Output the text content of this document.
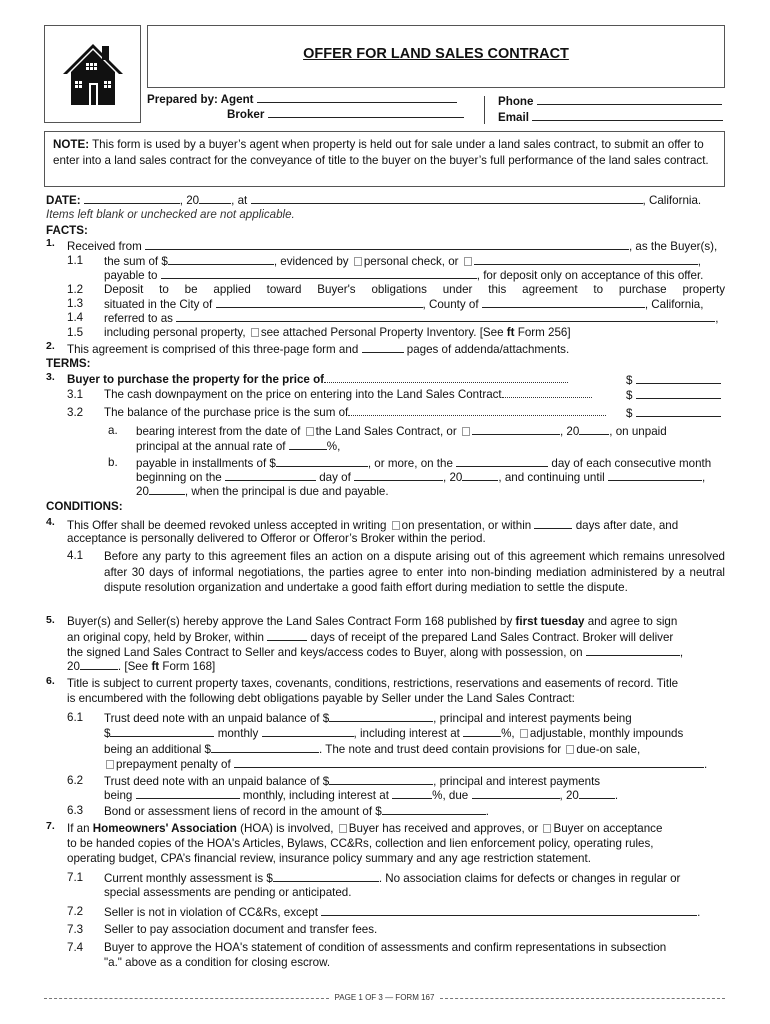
OFFER FOR LAND SALES CONTRACT
Prepared by: Agent
Broker
Phone
Email
NOTE: This form is used by a buyer’s agent when property is held out for sale under a land sales contract, to submit an offer to enter into a land sales contract for the conveyance of title to the buyer on the buyer’s full performance of the land sales contract.
DATE:	, 20	, at	, California.
Items left blank or unchecked are not applicable.
FACTS:
1. Received from	, as the Buyer(s),
1.1 the sum of $	, evidenced by personal check, or	,
payable to	, for deposit only on acceptance of this offer.
1.2 Deposit to be applied toward Buyer's obligations under this agreement to purchase property
1.3 situated in the City of	, County of	, California,
1.4 referred to as	,
1.5 including personal property, see attached Personal Property Inventory. [See ft Form 256]
2. This agreement is comprised of this three-page form and	pages of addenda/attachments.
TERMS:
3. Buyer to purchase the property for the price of	$
3.1 The cash downpayment on the price on entering into the Land Sales Contract	$
3.2 The balance of the purchase price is the sum of	$
a. bearing interest from the date of the Land Sales Contract, or	, 20	, on unpaid
principal at the annual rate of	%,
b. payable in installments of $	, or more, on the	day of each consecutive month
beginning on the	day of	, 20	, and continuing until	,
20	, when the principal is due and payable.
CONDITIONS:
4. This Offer shall be deemed revoked unless accepted in writing on presentation, or within	days after date, and
acceptance is personally delivered to Offeror or Offeror’s Broker within the period.
4.1 Before any party to this agreement files an action on a dispute arising out of this agreement which remains unresolved after 30 days of informal negotiations, the parties agree to enter into non-binding mediation administered by a neutral dispute resolution organization and undertake a good faith effort during mediation to settle the dispute.
5. Buyer(s) and Seller(s) hereby approve the Land Sales Contract Form 168 published by first tuesday and agree to sign
an original copy, held by Broker, within	days of receipt of the prepared Land Sales Contract. Broker will deliver
the signed Land Sales Contract to Seller and keys/access codes to Buyer, along with possession, on	,
20	. [See ft Form 168]
6. Title is subject to current property taxes, covenants, conditions, restrictions, reservations and easements of record. Title
is encumbered with the following debt obligations payable by Seller under the Land Sales Contract:
6.1 Trust deed note with an unpaid balance of $	, principal and interest payments being
$	monthly	, including interest at	%, adjustable, monthly impounds
being an additional $	. The note and trust deed contain provisions for due-on sale,
prepayment penalty of	.
6.2 Trust deed note with an unpaid balance of $	, principal and interest payments
being	monthly, including interest at	%, due	, 20	.
6.3 Bond or assessment liens of record in the amount of $	.
7. If an Homeowners' Association (HOA) is involved, Buyer has received and approves, or Buyer on acceptance
to be handed copies of the HOA's Articles, Bylaws, CC&Rs, collection and lien enforcement policy, operating rules,
operating budget, CPA’s financial review, insurance policy summary and any age restriction statement.
7.1 Current monthly assessment is $	. No association claims for defects or changes in regular or
special assessments are pending or anticipated.
7.2 Seller is not in violation of CC&Rs, except	.
7.3 Seller to pay association document and transfer fees.
7.4 Buyer to approve the HOA's statement of condition of assessments and confirm representations in subsection
"a." above as a condition for closing escrow.
PAGE 1 OF 3 — FORM 167
